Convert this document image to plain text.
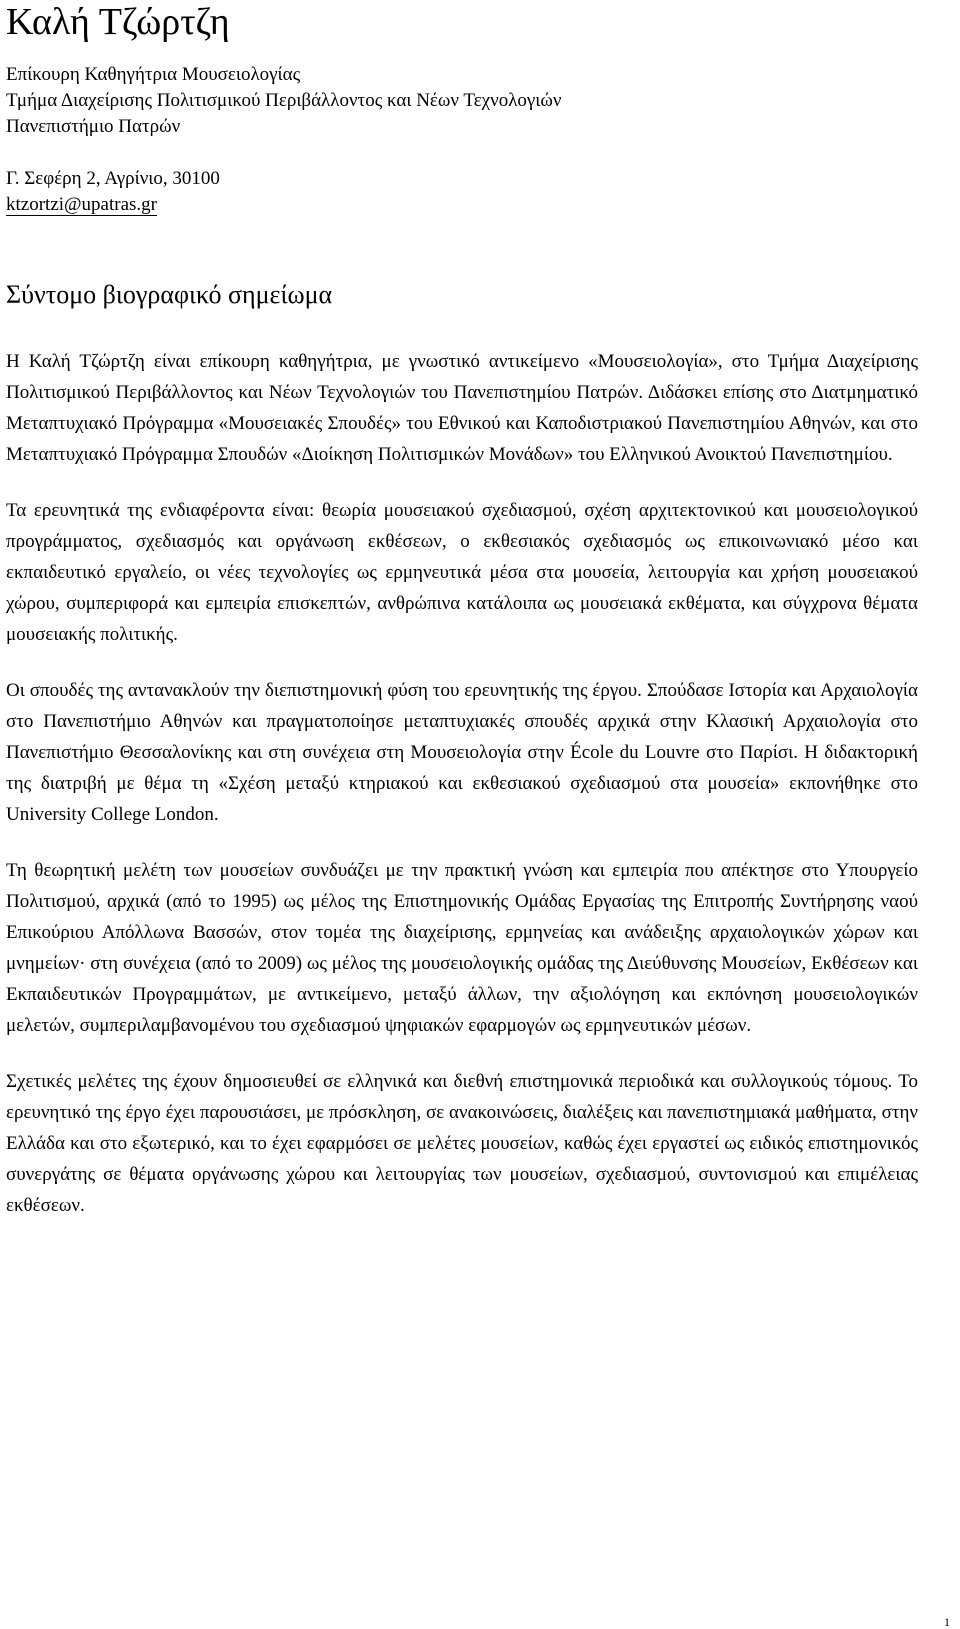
Καλή Τζώρτζη
Επίκουρη Καθηγήτρια Μουσειολογίας
Τμήμα Διαχείρισης Πολιτισμικού Περιβάλλοντος και Νέων Τεχνολογιών
Πανεπιστήμιο Πατρών
Γ. Σεφέρη 2, Αγρίνιο, 30100
ktzortzi@upatras.gr
Σύντομο βιογραφικό σημείωμα

Η Καλή Τζώρτζη είναι επίκουρη καθηγήτρια, με γνωστικό αντικείμενο «Μουσειολογία», στο Τμήμα Διαχείρισης Πολιτισμικού Περιβάλλοντος και Νέων Τεχνολογιών του Πανεπιστημίου Πατρών. Διδάσκει επίσης στο Διατμηματικό Μεταπτυχιακό Πρόγραμμα «Μουσειακές Σπουδές» του Εθνικού και Καποδιστριακού Πανεπιστημίου Αθηνών, και στο Μεταπτυχιακό Πρόγραμμα Σπουδών «Διοίκηση Πολιτισμικών Μονάδων» του Ελληνικού Ανοικτού Πανεπιστημίου.

Τα ερευνητικά της ενδιαφέροντα είναι: θεωρία μουσειακού σχεδιασμού, σχέση αρχιτεκτονικού και μουσειολογικού προγράμματος, σχεδιασμός και οργάνωση εκθέσεων, ο εκθεσιακός σχεδιασμός ως επικοινωνιακό μέσο και εκπαιδευτικό εργαλείο, οι νέες τεχνολογίες ως ερμηνευτικά μέσα στα μουσεία, λειτουργία και χρήση μουσειακού χώρου, συμπεριφορά και εμπειρία επισκεπτών, ανθρώπινα κατάλοιπα ως μουσειακά εκθέματα, και σύγχρονα θέματα μουσειακής πολιτικής.

Οι σπουδές της αντανακλούν την διεπιστημονική φύση του ερευνητικής της έργου. Σπούδασε Ιστορία και Αρχαιολογία στο Πανεπιστήμιο Αθηνών και πραγματοποίησε μεταπτυχιακές σπουδές αρχικά στην Κλασική Αρχαιολογία στο Πανεπιστήμιο Θεσσαλονίκης και στη συνέχεια στη Μουσειολογία στην École du Louvre στο Παρίσι. Η διδακτορική της διατριβή με θέμα τη «Σχέση μεταξύ κτηριακού και εκθεσιακού σχεδιασμού στα μουσεία» εκπονήθηκε στο University College London.

Τη θεωρητική μελέτη των μουσείων συνδυάζει με την πρακτική γνώση και εμπειρία που απέκτησε στο Υπουργείο Πολιτισμού, αρχικά (από το 1995) ως μέλος της Επιστημονικής Ομάδας Εργασίας της Επιτροπής Συντήρησης ναού Επικούριου Απόλλωνα Βασσών, στον τομέα της διαχείρισης, ερμηνείας και ανάδειξης αρχαιολογικών χώρων και μνημείων· στη συνέχεια (από το 2009) ως μέλος της μουσειολογικής ομάδας της Διεύθυνσης Μουσείων, Εκθέσεων και Εκπαιδευτικών Προγραμμάτων, με αντικείμενο, μεταξύ άλλων, την αξιολόγηση και εκπόνηση μουσειολογικών μελετών, συμπεριλαμβανομένου του σχεδιασμού ψηφιακών εφαρμογών ως ερμηνευτικών μέσων.

Σχετικές μελέτες της έχουν δημοσιευθεί σε ελληνικά και διεθνή επιστημονικά περιοδικά και συλλογικούς τόμους. Το ερευνητικό της έργο έχει παρουσιάσει, με πρόσκληση, σε ανακοινώσεις, διαλέξεις και πανεπιστημιακά μαθήματα, στην Ελλάδα και στο εξωτερικό, και το έχει εφαρμόσει σε μελέτες μουσείων, καθώς έχει εργαστεί ως ειδικός επιστημονικός συνεργάτης σε θέματα οργάνωσης χώρου και λειτουργίας των μουσείων, σχεδιασμού, συντονισμού και επιμέλειας εκθέσεων.

1
